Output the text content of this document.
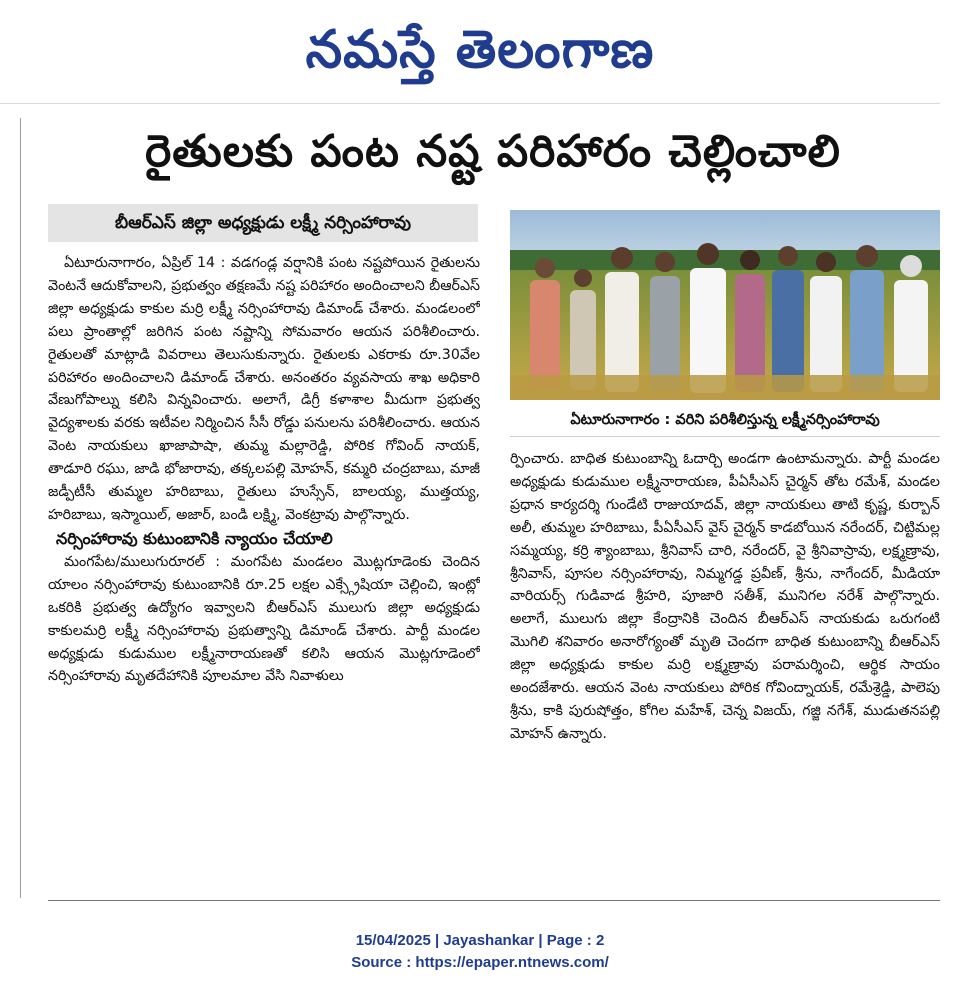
నమస్తే తెలంగాణ
రైతులకు పంట నష్ట పరిహారం చెల్లించాలి
బీఆర్ఎస్ జిల్లా అధ్యక్షుడు లక్ష్మీ నర్సింహారావు

ఏటూరునాగారం, ఏప్రిల్ 14 : వడగండ్ల వర్షానికి పంట నష్టపోయిన రైతులను వెంటనే ఆదుకోవాలని, ప్రభుత్వం తక్షణమే నష్ట పరిహారం అందించాలని బీఆర్ఎస్ జిల్లా అధ్యక్షుడు కాకుల మర్రి లక్ష్మీ నర్సింహారావు డిమాండ్ చేశారు. మండలంలో పలు ప్రాంతాల్లో జరిగిన పంట నష్టాన్ని సోమవారం ఆయన పరిశీలించారు. రైతులతో మాట్లాడి వివరాలు తెలుసుకున్నారు. రైతులకు ఎకరాకు రూ.30వేల పరిహారం అందించాలని డిమాండ్ చేశారు. అనంతరం వ్యవసాయ శాఖ అధికారి వేణుగోపాల్ను కలిసి విన్నవించారు. అలాగే, డిగ్రీ కళాశాల మీదుగా ప్రభుత్వ వైద్యశాలకు వరకు ఇటీవల నిర్మించిన సీసీ రోడ్డు పనులను పరిశీలించారు. ఆయన వెంట నాయకులు ఖాజాపాషా, తుమ్మ మల్లారెడ్డి, పోరిక గోవింద్ నాయక్, తాడూరి రఘు, జాడి భోజారావు, తక్కలపల్లి మోహన్, కమ్మరి చంద్రబాబు, మాజీ జడ్పీటీసీ తుమ్మల హరిబాబు, రైతులు హుస్సేన్, బాలయ్య, ముత్తయ్య, హరిబాబు, ఇస్మాయిల్, అజార్, బండి లక్ష్మి, వెంకట్రావు పాల్గొన్నారు.

నర్సింహారావు కుటుంబానికి న్యాయం చేయాలి

మంగపేట/ములుగురూరల్ : మంగపేట మండలం మొట్లగూడెంకు చెందిన యాలం నర్సింహారావు కుటుంబానికి రూ.25 లక్షల ఎక్స్గ్రేషియా చెల్లించి, ఇంట్లో ఒకరికి ప్రభుత్వ ఉద్యోగం ఇవ్వాలని బీఆర్ఎస్ ములుగు జిల్లా అధ్యక్షుడు కాకులమర్రి లక్ష్మీ నర్సింహారావు ప్రభుత్వాన్ని డిమాండ్ చేశారు. పార్టీ మండల అధ్యక్షుడు కుడుముల లక్ష్మీనారాయణతో కలిసి ఆయన మొట్లగూడెంలో నర్సింహారావు మృతదేహానికి పూలమాల వేసి నివాళులు

ఏటూరునాగారం : వరిని పరిశీలిస్తున్న లక్ష్మీనర్సింహారావు

ర్పించారు. బాధిత కుటుంబాన్ని ఓదార్చి అండగా ఉంటామన్నారు. పార్టీ మండల అధ్యక్షుడు కుడుముల లక్ష్మీనారాయణ, పీఏసీఎస్ చైర్మన్ తోట రమేశ్, మండల ప్రధాన కార్యదర్శి గుండేటి రాజుయాదవ్, జిల్లా నాయకులు తాటి కృష్ణ, కుర్బాన్ అలీ, తుమ్మల హరిబాబు, పీఏసీఎస్ వైస్ చైర్మన్ కాడబోయిన నరేందర్, చిట్టిమల్ల సమ్మయ్య, కర్రి శ్యాంబాబు, శ్రీనివాస్ చారి, నరేందర్, వై శ్రీనివాస్రావు, లక్ష్మణ్రావు, శ్రీనివాస్, పూసల నర్సింహారావు, నిమ్మగడ్డ ప్రవీణ్, శ్రీను, నాగేందర్, మీడియా వారియర్స్ గుడివాడ శ్రీహరి, పూజారి సతీశ్, మునిగల నరేశ్ పాల్గొన్నారు. అలాగే, ములుగు జిల్లా కేంద్రానికి చెందిన బీఆర్ఎస్ నాయకుడు ఒరుగంటి మొగిలి శనివారం అనారోగ్యంతో మృతి చెందగా బాధిత కుటుంబాన్ని బీఆర్ఎస్ జిల్లా అధ్యక్షుడు కాకుల మర్రి లక్ష్మణ్రావు పరామర్శించి, ఆర్థిక సాయం అందజేశారు. ఆయన వెంట నాయకులు పోరిక గోవింద్నాయక్, రమేశ్రెడ్డి, పాలెపు శ్రీను, కాకి పురుషోత్తం, కోగిల మహేశ్, చెన్న విజయ్, గజ్జి నగేశ్, ముడుతనపల్లి మోహన్ ఉన్నారు.

15/04/2025 | Jayashankar | Page : 2
Source : https://epaper.ntnews.com/
